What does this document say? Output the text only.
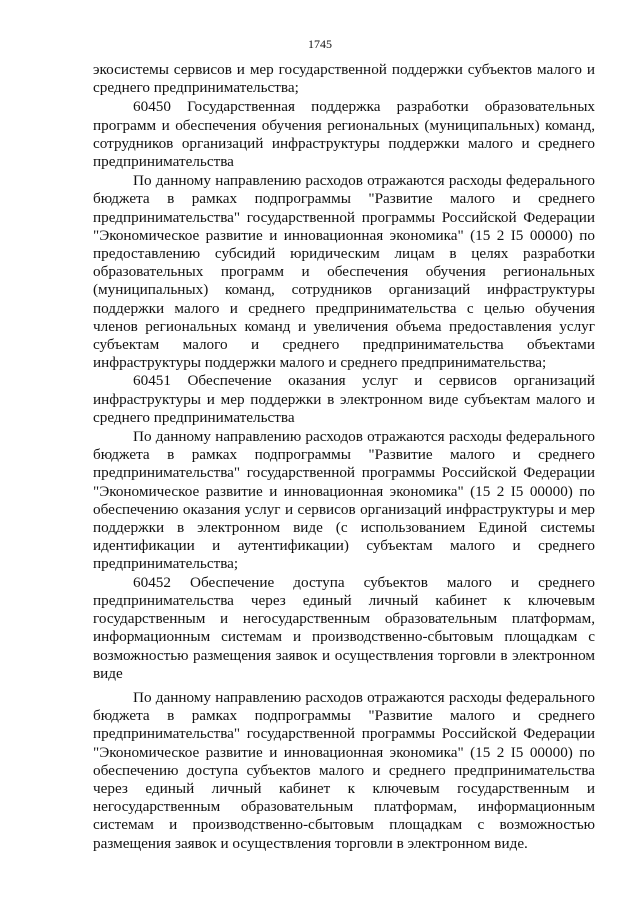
1745

экосистемы сервисов и мер государственной поддержки субъектов малого и среднего предпринимательства;

60450 Государственная поддержка разработки образовательных программ и обеспечения обучения региональных (муниципальных) команд, сотрудников организаций инфраструктуры поддержки малого и среднего предпринимательства

По данному направлению расходов отражаются расходы федерального бюджета в рамках подпрограммы "Развитие малого и среднего предпринимательства" государственной программы Российской Федерации "Экономическое развитие и инновационная экономика" (15 2 I5 00000) по предоставлению субсидий юридическим лицам в целях разработки образовательных программ и обеспечения обучения региональных (муниципальных) команд, сотрудников организаций инфраструктуры поддержки малого и среднего предпринимательства с целью обучения членов региональных команд и увеличения объема предоставления услуг субъектам малого и среднего предпринимательства объектами инфраструктуры поддержки малого и среднего предпринимательства;

60451 Обеспечение оказания услуг и сервисов организаций инфраструктуры и мер поддержки в электронном виде субъектам малого и среднего предпринимательства

По данному направлению расходов отражаются расходы федерального бюджета в рамках подпрограммы "Развитие малого и среднего предпринимательства" государственной программы Российской Федерации "Экономическое развитие и инновационная экономика" (15 2 I5 00000) по обеспечению оказания услуг и сервисов организаций инфраструктуры и мер поддержки в электронном виде (с использованием Единой системы идентификации и аутентификации) субъектам малого и среднего предпринимательства;

60452 Обеспечение доступа субъектов малого и среднего предпринимательства через единый личный кабинет к ключевым государственным и негосударственным образовательным платформам, информационным системам и производственно-сбытовым площадкам с возможностью размещения заявок и осуществления торговли в электронном виде

По данному направлению расходов отражаются расходы федерального бюджета в рамках подпрограммы "Развитие малого и среднего предпринимательства" государственной программы Российской Федерации "Экономическое развитие и инновационная экономика" (15 2 I5 00000) по обеспечению доступа субъектов малого и среднего предпринимательства через единый личный кабинет к ключевым государственным и негосударственным образовательным платформам, информационным системам и производственно-сбытовым площадкам с возможностью размещения заявок и осуществления торговли в электронном виде.
